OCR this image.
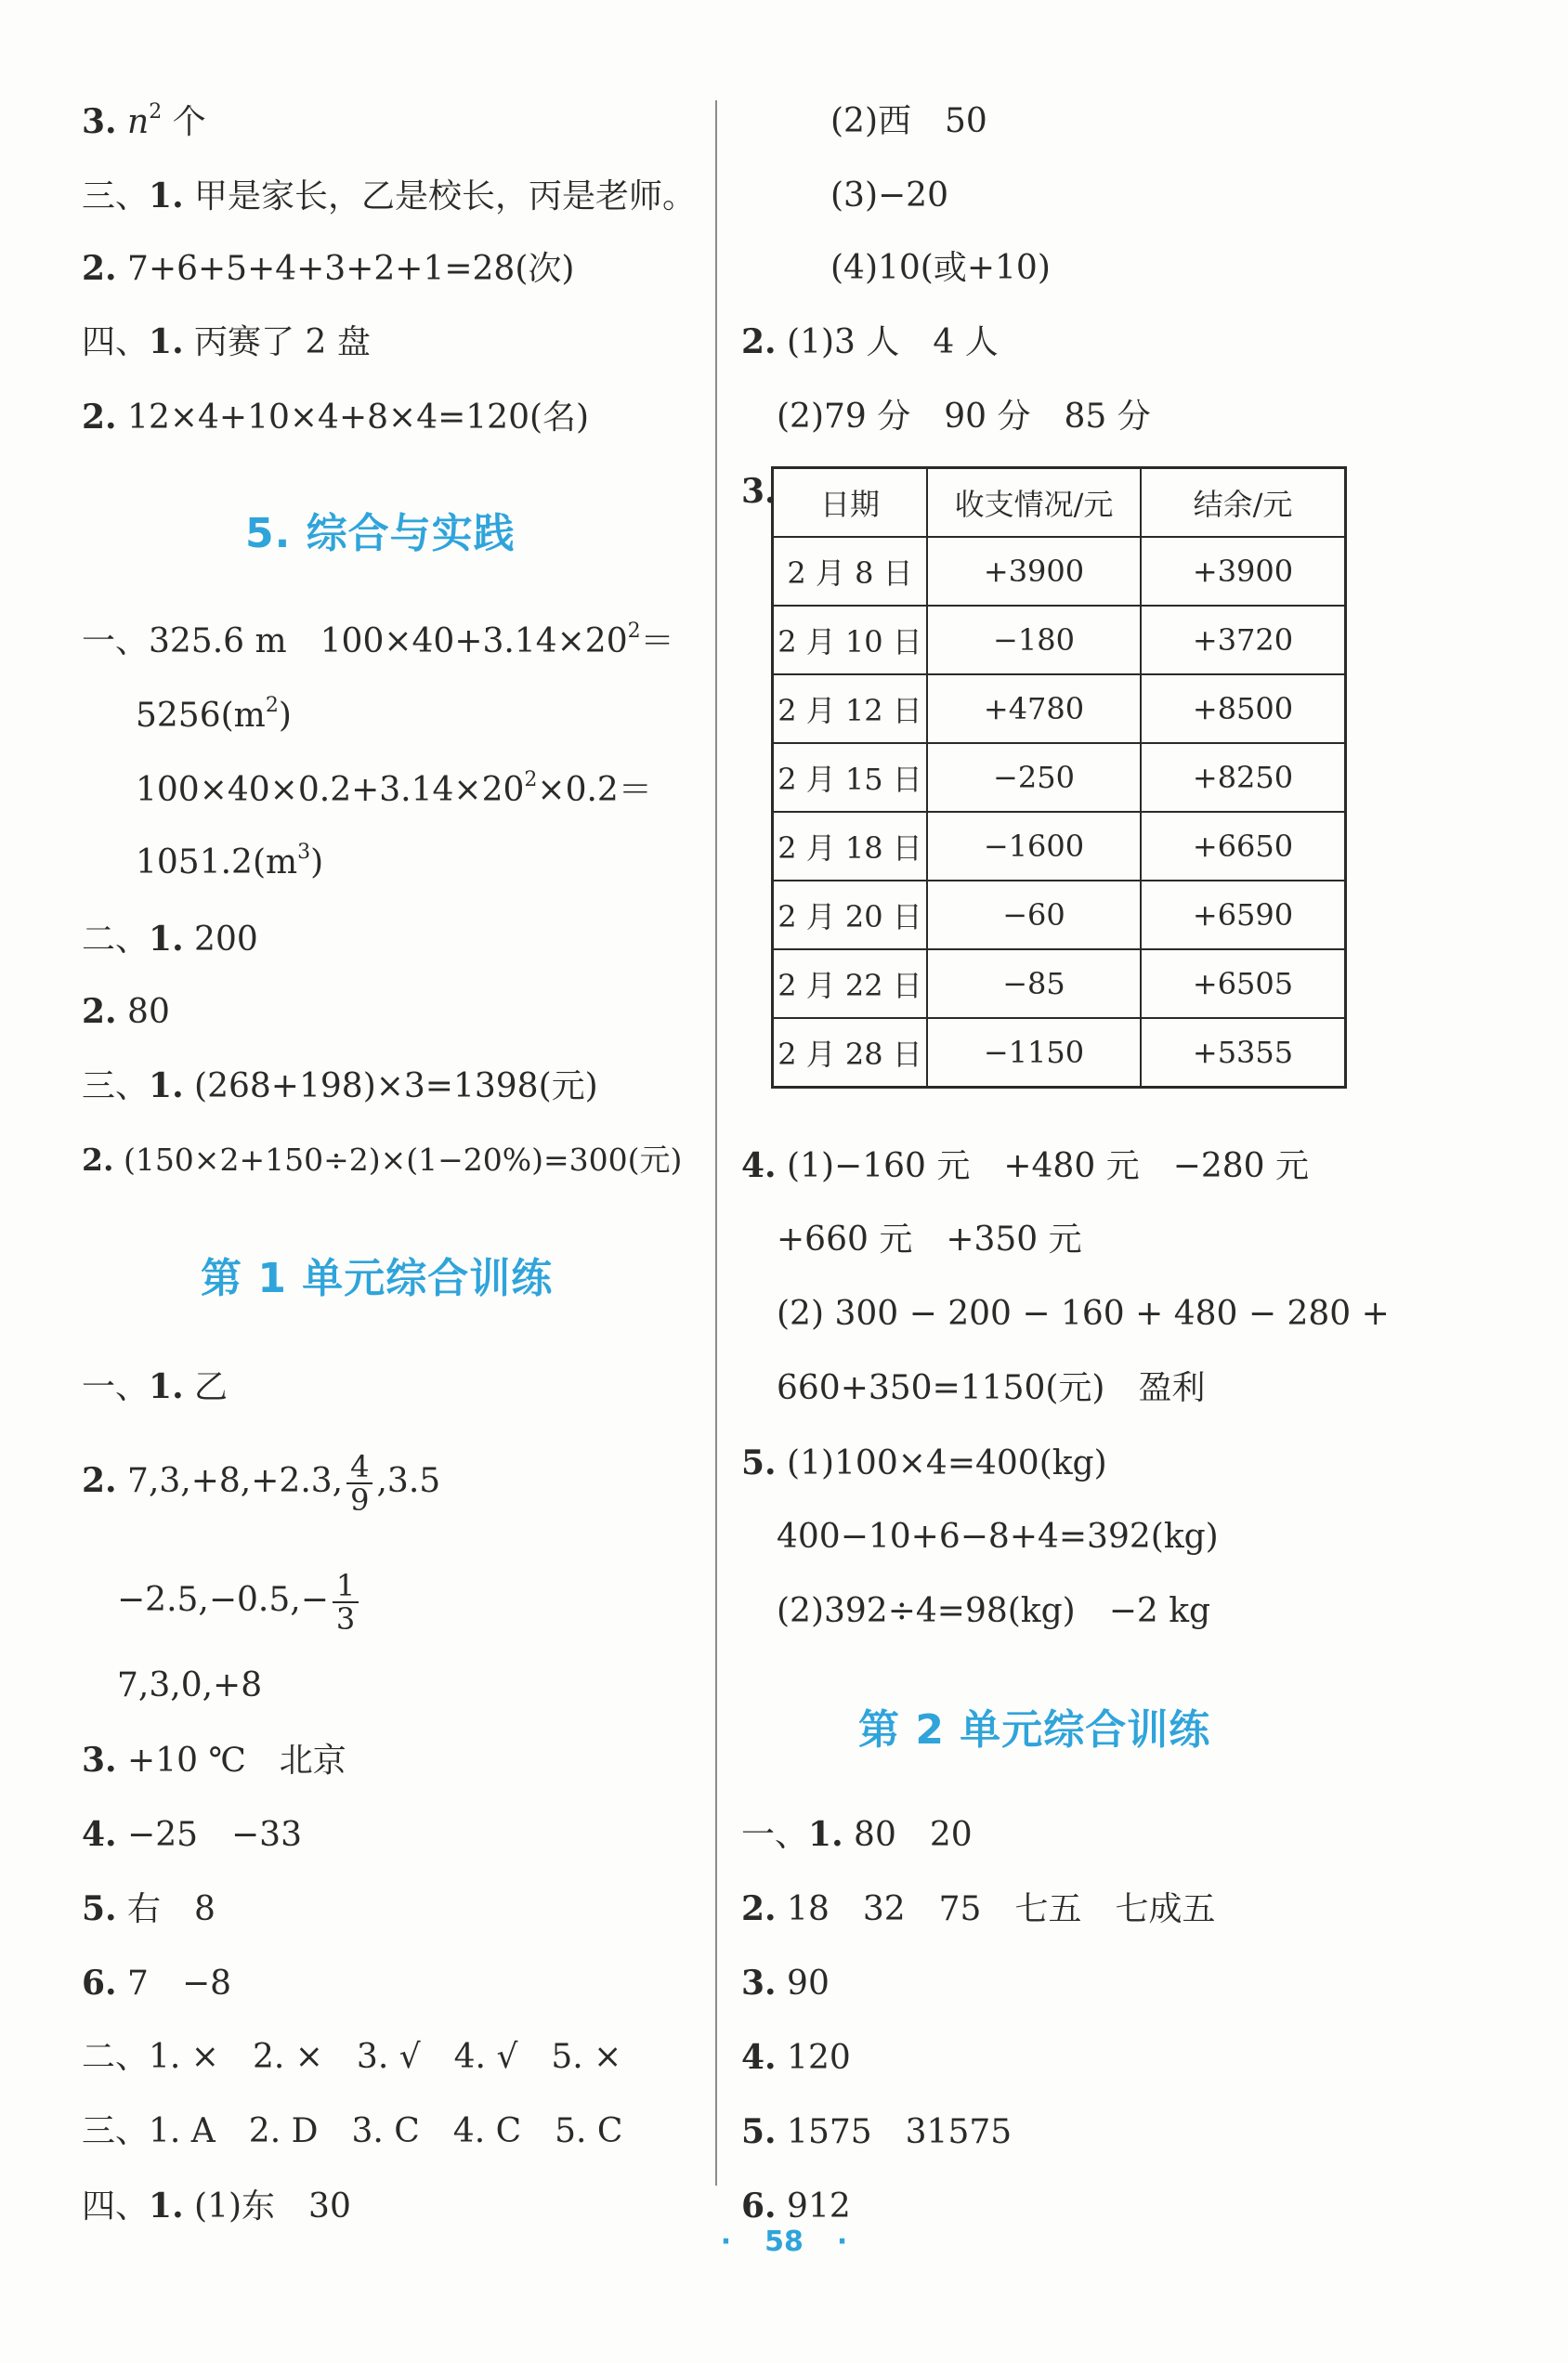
3. $n^2$ 个
三、1. 甲是家长，乙是校长，丙是老师。
2. 7+6+5+4+3+2+1=28(次)
四、1. 丙赛了 2 盘
2. 12×4+10×4+8×4=120(名)
5. 综合与实践
一、325.6 m　$100\times 40+3.14\times 20^2=$
$5256(m^2)$
$100\times 40\times 0.2+3.14\times 20^2\times 0.2=$
$1051.2(m^3)$
二、1. 200
2. 80
三、1. (268+198)×3=1398(元)
2. (150×2+150÷2)×(1−20%)=300(元)
第 1 单元综合训练
一、1. 乙
2. 7,3,+8,+2.3, $\frac{4}{9} ,3.5$
$-2.5,-0.5,- \frac{1}{3}$
7,3,0,+8
3. +10 ℃　北京
4. −25　−33
5. 右　8
6. 7　−8
二、1. ×　2. ×　3. √　4. √　5. ×
三、1. A　2. D　3. C　4. C　5. C
四、1. (1)东　30
(2)西　50
(3)−20
(4)10(或+10)
2. (1)3 人　4 人
(2)79 分　90 分　85 分
3. 日期	收支情况/元	结余/元
2 月 8 日	+3900	+3900
2 月 10 日	−180	+3720
2 月 12 日	+4780	+8500
2 月 15 日	−250	+8250
2 月 18 日	−1600	+6650
2 月 20 日	−60	+6590
2 月 22 日	−85	+6505
2 月 28 日	−1150	+5355
4. (1)−160 元　+480 元　−280 元
+660 元　+350 元
(2) 300 − 200 − 160 + 480 − 280 +
660+350=1150(元)　盈利
5. (1)100×4=400(kg)
400−10+6−8+4=392(kg)
(2)392÷4=98(kg)　−2 kg
第 2 单元综合训练
一、1. 80　20
2. 18　32　75　七五　七成五
3. 90
4. 120
5. 1575　31575
6. 912
· 58 ·
